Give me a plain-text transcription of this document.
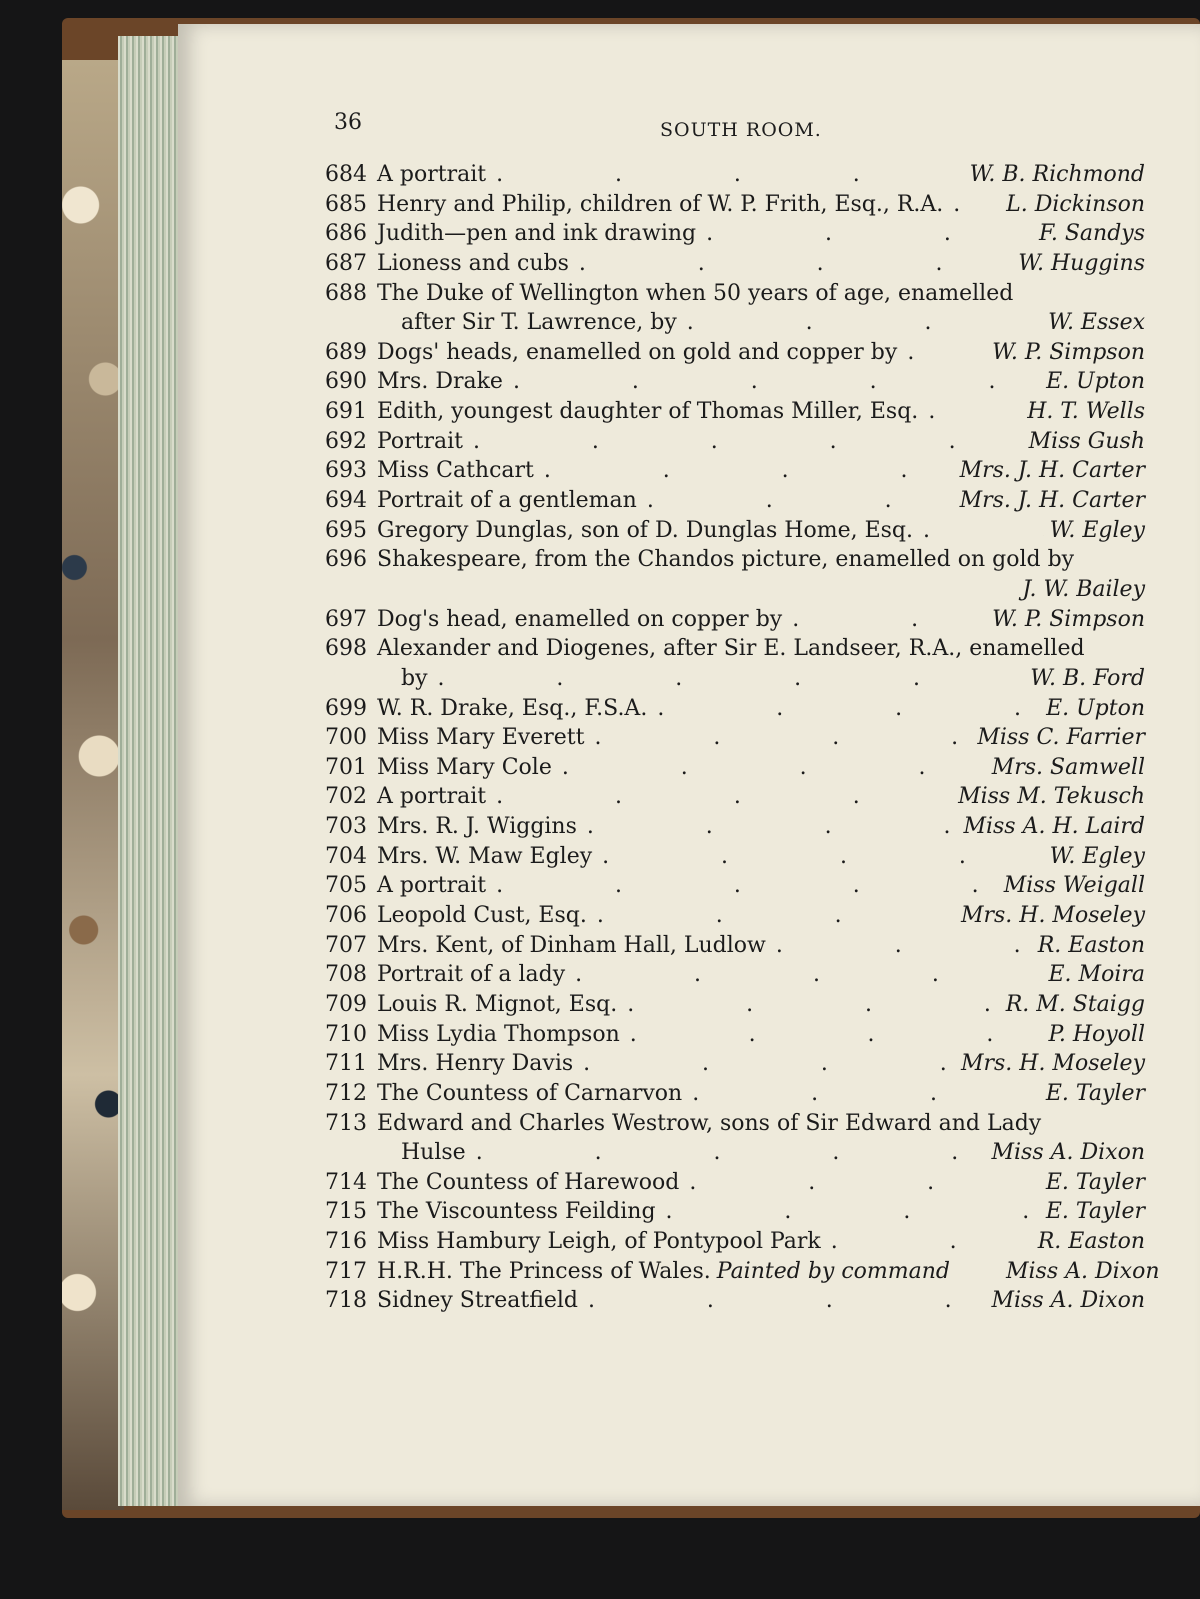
36	SOUTH ROOM.
684 A portrait .	W. B. Richmond
685 Henry and Philip, children of W. P. Frith, Esq., R.A. .	L. Dickinson
686 Judith—pen and ink drawing .	F. Sandys
687 Lioness and cubs .	W. Huggins
688 The Duke of Wellington when 50 years of age, enamelled
after Sir T. Lawrence, by .	W. Essex
689 Dogs' heads, enamelled on gold and copper by .	W. P. Simpson
690 Mrs. Drake .	E. Upton
691 Edith, youngest daughter of Thomas Miller, Esq. .	H. T. Wells
692 Portrait .	Miss Gush
693 Miss Cathcart .	Mrs. J. H. Carter
694 Portrait of a gentleman .	Mrs. J. H. Carter
695 Gregory Dunglas, son of D. Dunglas Home, Esq. .	W. Egley
696 Shakespeare, from the Chandos picture, enamelled on gold by
J. W. Bailey
697 Dog's head, enamelled on copper by .	W. P. Simpson
698 Alexander and Diogenes, after Sir E. Landseer, R.A., enamelled
by .	W. B. Ford
699 W. R. Drake, Esq., F.S.A. .	E. Upton
700 Miss Mary Everett .	Miss C. Farrier
701 Miss Mary Cole .	Mrs. Samwell
702 A portrait .	Miss M. Tekusch
703 Mrs. R. J. Wiggins .	Miss A. H. Laird
704 Mrs. W. Maw Egley .	W. Egley
705 A portrait .	Miss Weigall
706 Leopold Cust, Esq. .	Mrs. H. Moseley
707 Mrs. Kent, of Dinham Hall, Ludlow .	R. Easton
708 Portrait of a lady .	E. Moira
709 Louis R. Mignot, Esq. .	R. M. Staigg
710 Miss Lydia Thompson .	P. Hoyoll
711 Mrs. Henry Davis .	Mrs. H. Moseley
712 The Countess of Carnarvon .	E. Tayler
713 Edward and Charles Westrow, sons of Sir Edward and Lady
Hulse .	Miss A. Dixon
714 The Countess of Harewood .	E. Tayler
715 The Viscountess Feilding .	E. Tayler
716 Miss Hambury Leigh, of Pontypool Park .	R. Easton
717 H.R.H. The Princess of Wales. Painted by command	Miss A. Dixon
718 Sidney Streatfield .	Miss A. Dixon
